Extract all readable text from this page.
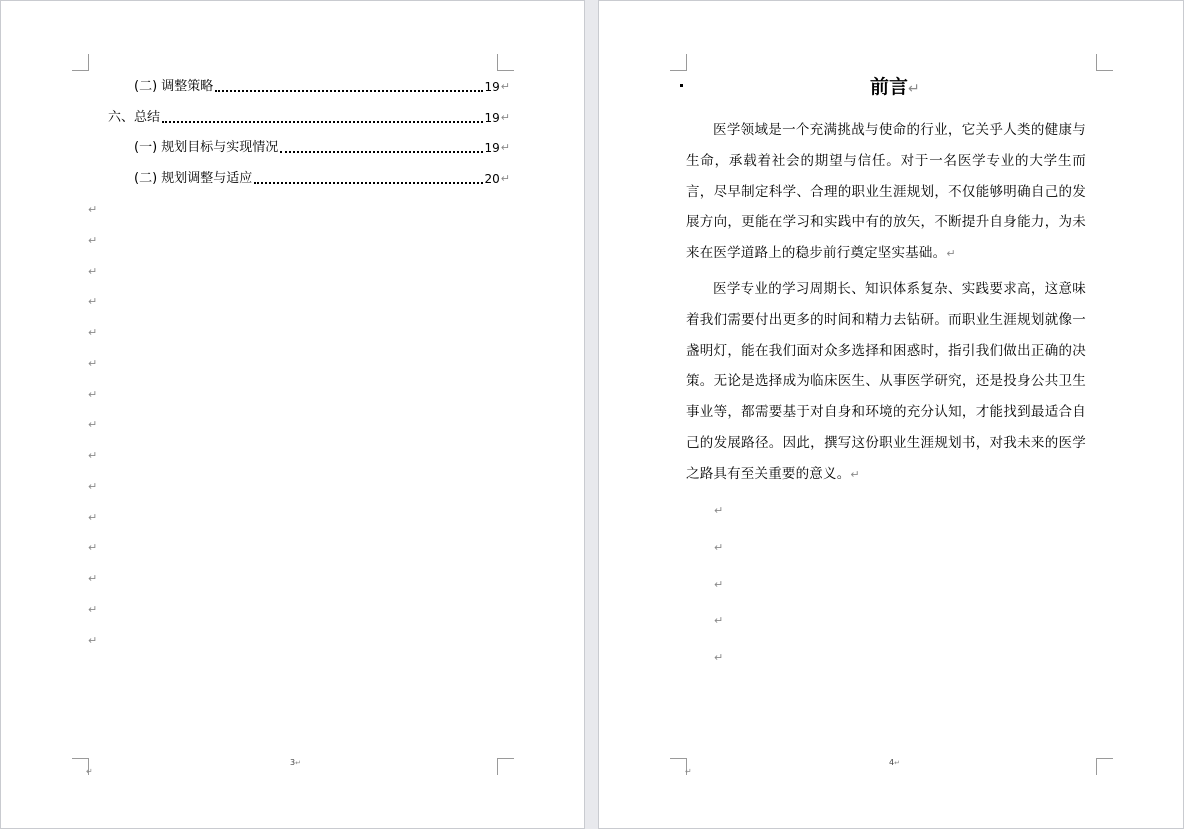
(二) 调整策略	19 ↵
六、总结	19 ↵
(一) 规划目标与实现情况	19 ↵
(二) 规划调整与适应	20 ↵
↵
↵
↵
↵
↵
↵
↵
↵
↵
↵
↵
↵
↵
↵
↵
↵
3↵
前言↵
医学领域是一个充满挑战与使命的行业，它关乎人类的健康与生命，承载着社会的期望与信任。对于一名医学专业的大学生而言，尽早制定科学、合理的职业生涯规划，不仅能够明确自己的发展方向，更能在学习和实践中有的放矢，不断提升自身能力，为未来在医学道路上的稳步前行奠定坚实基础。↵
医学专业的学习周期长、知识体系复杂、实践要求高，这意味着我们需要付出更多的时间和精力去钻研。而职业生涯规划就像一盏明灯，能在我们面对众多选择和困惑时，指引我们做出正确的决策。无论是选择成为临床医生、从事医学研究，还是投身公共卫生事业等，都需要基于对自身和环境的充分认知，才能找到最适合自己的发展路径。因此，撰写这份职业生涯规划书，对我未来的医学之路具有至关重要的意义。↵
↵
↵
↵
↵
↵
↵
4↵
